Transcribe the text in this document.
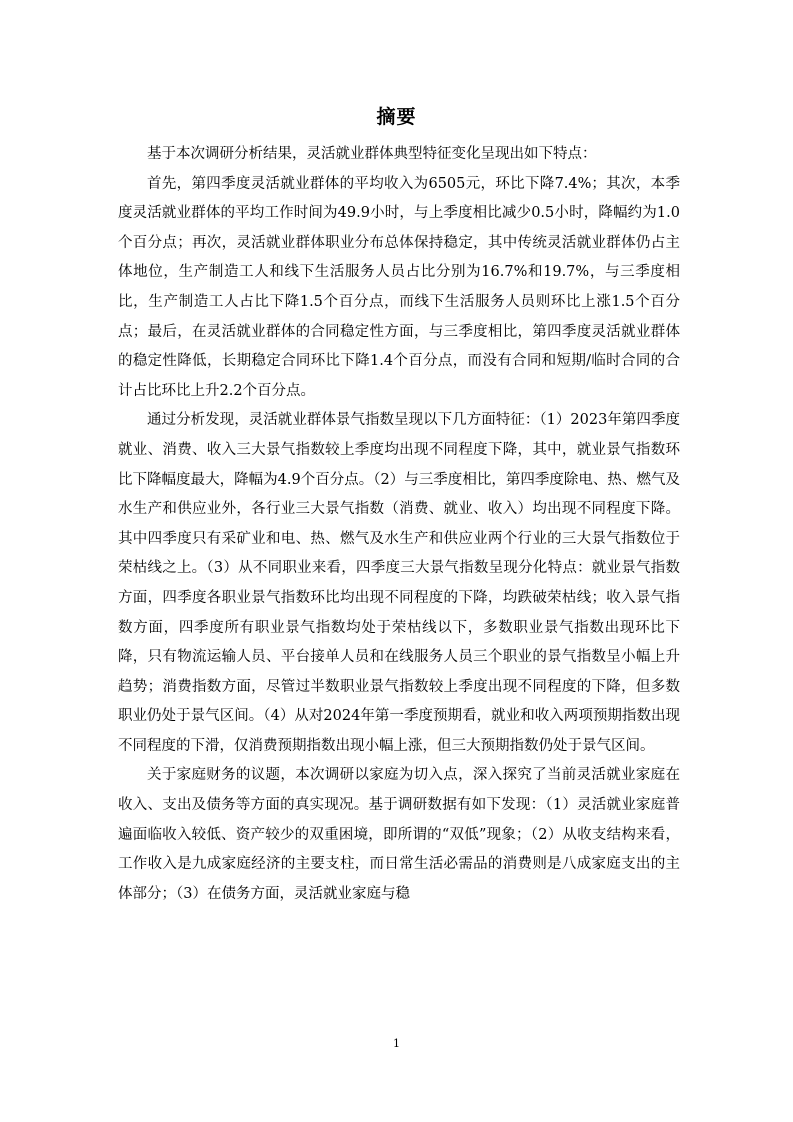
摘要

基于本次调研分析结果，灵活就业群体典型特征变化呈现出如下特点：

首先，第四季度灵活就业群体的平均收入为6505元，环比下降7.4%；其次，本季度灵活就业群体的平均工作时间为49.9小时，与上季度相比减少0.5小时，降幅约为1.0个百分点；再次，灵活就业群体职业分布总体保持稳定，其中传统灵活就业群体仍占主体地位，生产制造工人和线下生活服务人员占比分别为16.7%和19.7%，与三季度相比，生产制造工人占比下降1.5个百分点，而线下生活服务人员则环比上涨1.5个百分点；最后，在灵活就业群体的合同稳定性方面，与三季度相比，第四季度灵活就业群体的稳定性降低，长期稳定合同环比下降1.4个百分点，而没有合同和短期/临时合同的合计占比环比上升2.2个百分点。

通过分析发现，灵活就业群体景气指数呈现以下几方面特征：（1）2023年第四季度就业、消费、收入三大景气指数较上季度均出现不同程度下降，其中，就业景气指数环比下降幅度最大，降幅为4.9个百分点。（2）与三季度相比，第四季度除电、热、燃气及水生产和供应业外，各行业三大景气指数（消费、就业、收入）均出现不同程度下降。其中四季度只有采矿业和电、热、燃气及水生产和供应业两个行业的三大景气指数位于荣枯线之上。（3）从不同职业来看，四季度三大景气指数呈现分化特点：就业景气指数方面，四季度各职业景气指数环比均出现不同程度的下降，均跌破荣枯线；收入景气指数方面，四季度所有职业景气指数均处于荣枯线以下，多数职业景气指数出现环比下降，只有物流运输人员、平台接单人员和在线服务人员三个职业的景气指数呈小幅上升趋势；消费指数方面，尽管过半数职业景气指数较上季度出现不同程度的下降，但多数职业仍处于景气区间。（4）从对2024年第一季度预期看，就业和收入两项预期指数出现不同程度的下滑，仅消费预期指数出现小幅上涨，但三大预期指数仍处于景气区间。

关于家庭财务的议题，本次调研以家庭为切入点，深入探究了当前灵活就业家庭在收入、支出及债务等方面的真实现况。基于调研数据有如下发现：（1）灵活就业家庭普遍面临收入较低、资产较少的双重困境，即所谓的“双低”现象；（2）从收支结构来看，工作收入是九成家庭经济的主要支柱，而日常生活必需品的消费则是八成家庭支出的主体部分；（3）在债务方面，灵活就业家庭与稳

1
